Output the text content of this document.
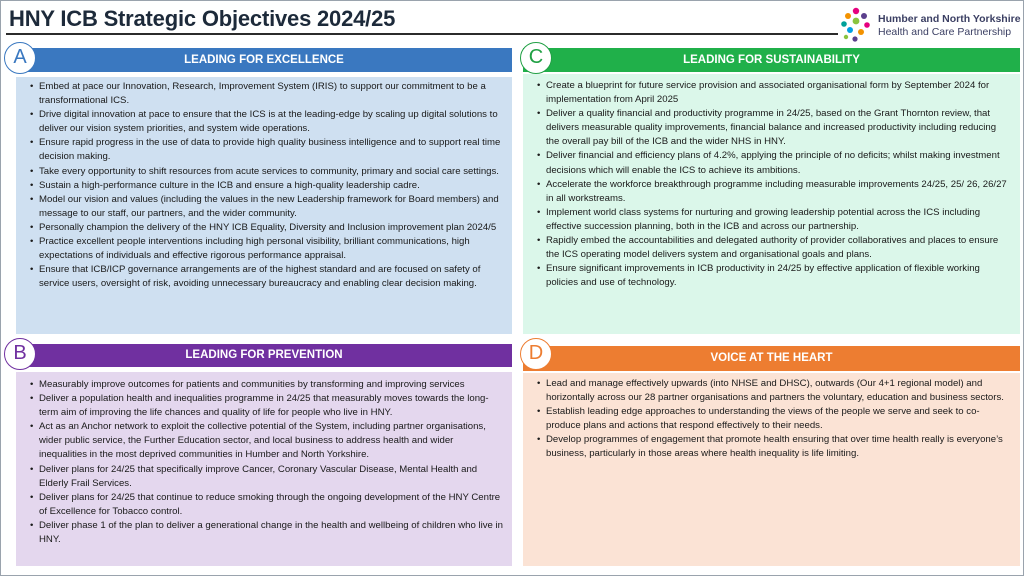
HNY ICB Strategic Objectives 2024/25	Humber and North Yorkshire
Health and Care Partnership
A	LEADING FOR EXCELLENCE
• Embed at pace our Innovation, Research, Improvement System (IRIS) to support our commitment to be a transformational ICS.
• Drive digital innovation at pace to ensure that the ICS is at the leading-edge by scaling up digital solutions to deliver our vision system priorities, and system wide operations.
• Ensure rapid progress in the use of data to provide high quality business intelligence and to support real time decision making.
• Take every opportunity to shift resources from acute services to community, primary and social care settings.
• Sustain a high-performance culture in the ICB and ensure a high-quality leadership cadre.
• Model our vision and values (including the values in the new Leadership framework for Board members) and message to our staff, our partners, and the wider community.
• Personally champion the delivery of the HNY ICB Equality, Diversity and Inclusion improvement plan 2024/5
• Practice excellent people interventions including high personal visibility, brilliant communications, high expectations of individuals and effective rigorous performance appraisal.
• Ensure that ICB/ICP governance arrangements are of the highest standard and are focused on safety of service users, oversight of risk, avoiding unnecessary bureaucracy and enabling clear decision making.
C	LEADING FOR SUSTAINABILITY
• Create a blueprint for future service provision and associated organisational form by September 2024 for implementation from April 2025
• Deliver a quality financial and productivity programme in 24/25, based on the Grant Thornton review, that delivers measurable quality improvements, financial balance and increased productivity including reducing the overall pay bill of the ICB and the wider NHS in HNY.
• Deliver financial and efficiency plans of 4.2%, applying the principle of no deficits; whilst making investment decisions which will enable the ICS to achieve its ambitions.
• Accelerate the workforce breakthrough programme including measurable improvements 24/25, 25/ 26, 26/27 in all workstreams.
• Implement world class systems for nurturing and growing leadership potential across the ICS including effective succession planning, both in the ICB and across our partnership.
• Rapidly embed the accountabilities and delegated authority of provider collaboratives and places to ensure the ICS operating model delivers system and organisational goals and plans.
• Ensure significant improvements in ICB productivity in 24/25 by effective application of flexible working policies and use of technology.
B	LEADING FOR PREVENTION
• Measurably improve outcomes for patients and communities by transforming and improving services
• Deliver a population health and inequalities programme in 24/25 that measurably moves towards the long-term aim of improving the life chances and quality of life for people who live in HNY.
• Act as an Anchor network to exploit the collective potential of the System, including partner organisations, wider public service, the Further Education sector, and local business to address health and wider inequalities in the most deprived communities in Humber and North Yorkshire.
• Deliver plans for 24/25 that specifically improve Cancer, Coronary Vascular Disease, Mental Health and Elderly Frail Services.
• Deliver plans for 24/25 that continue to reduce smoking through the ongoing development of the HNY Centre of Excellence for Tobacco control.
• Deliver phase 1 of the plan to deliver a generational change in the health and wellbeing of children who live in HNY.
D	VOICE AT THE HEART
• Lead and manage effectively upwards (into NHSE and DHSC), outwards (Our 4+1 regional model) and horizontally across our 28 partner organisations and partners the voluntary, education and business sectors.
• Establish leading edge approaches to understanding the views of the people we serve and seek to co-produce plans and actions that respond effectively to their needs.
• Develop programmes of engagement that promote health ensuring that over time health really is everyone’s business, particularly in those areas where health inequality is life limiting.
